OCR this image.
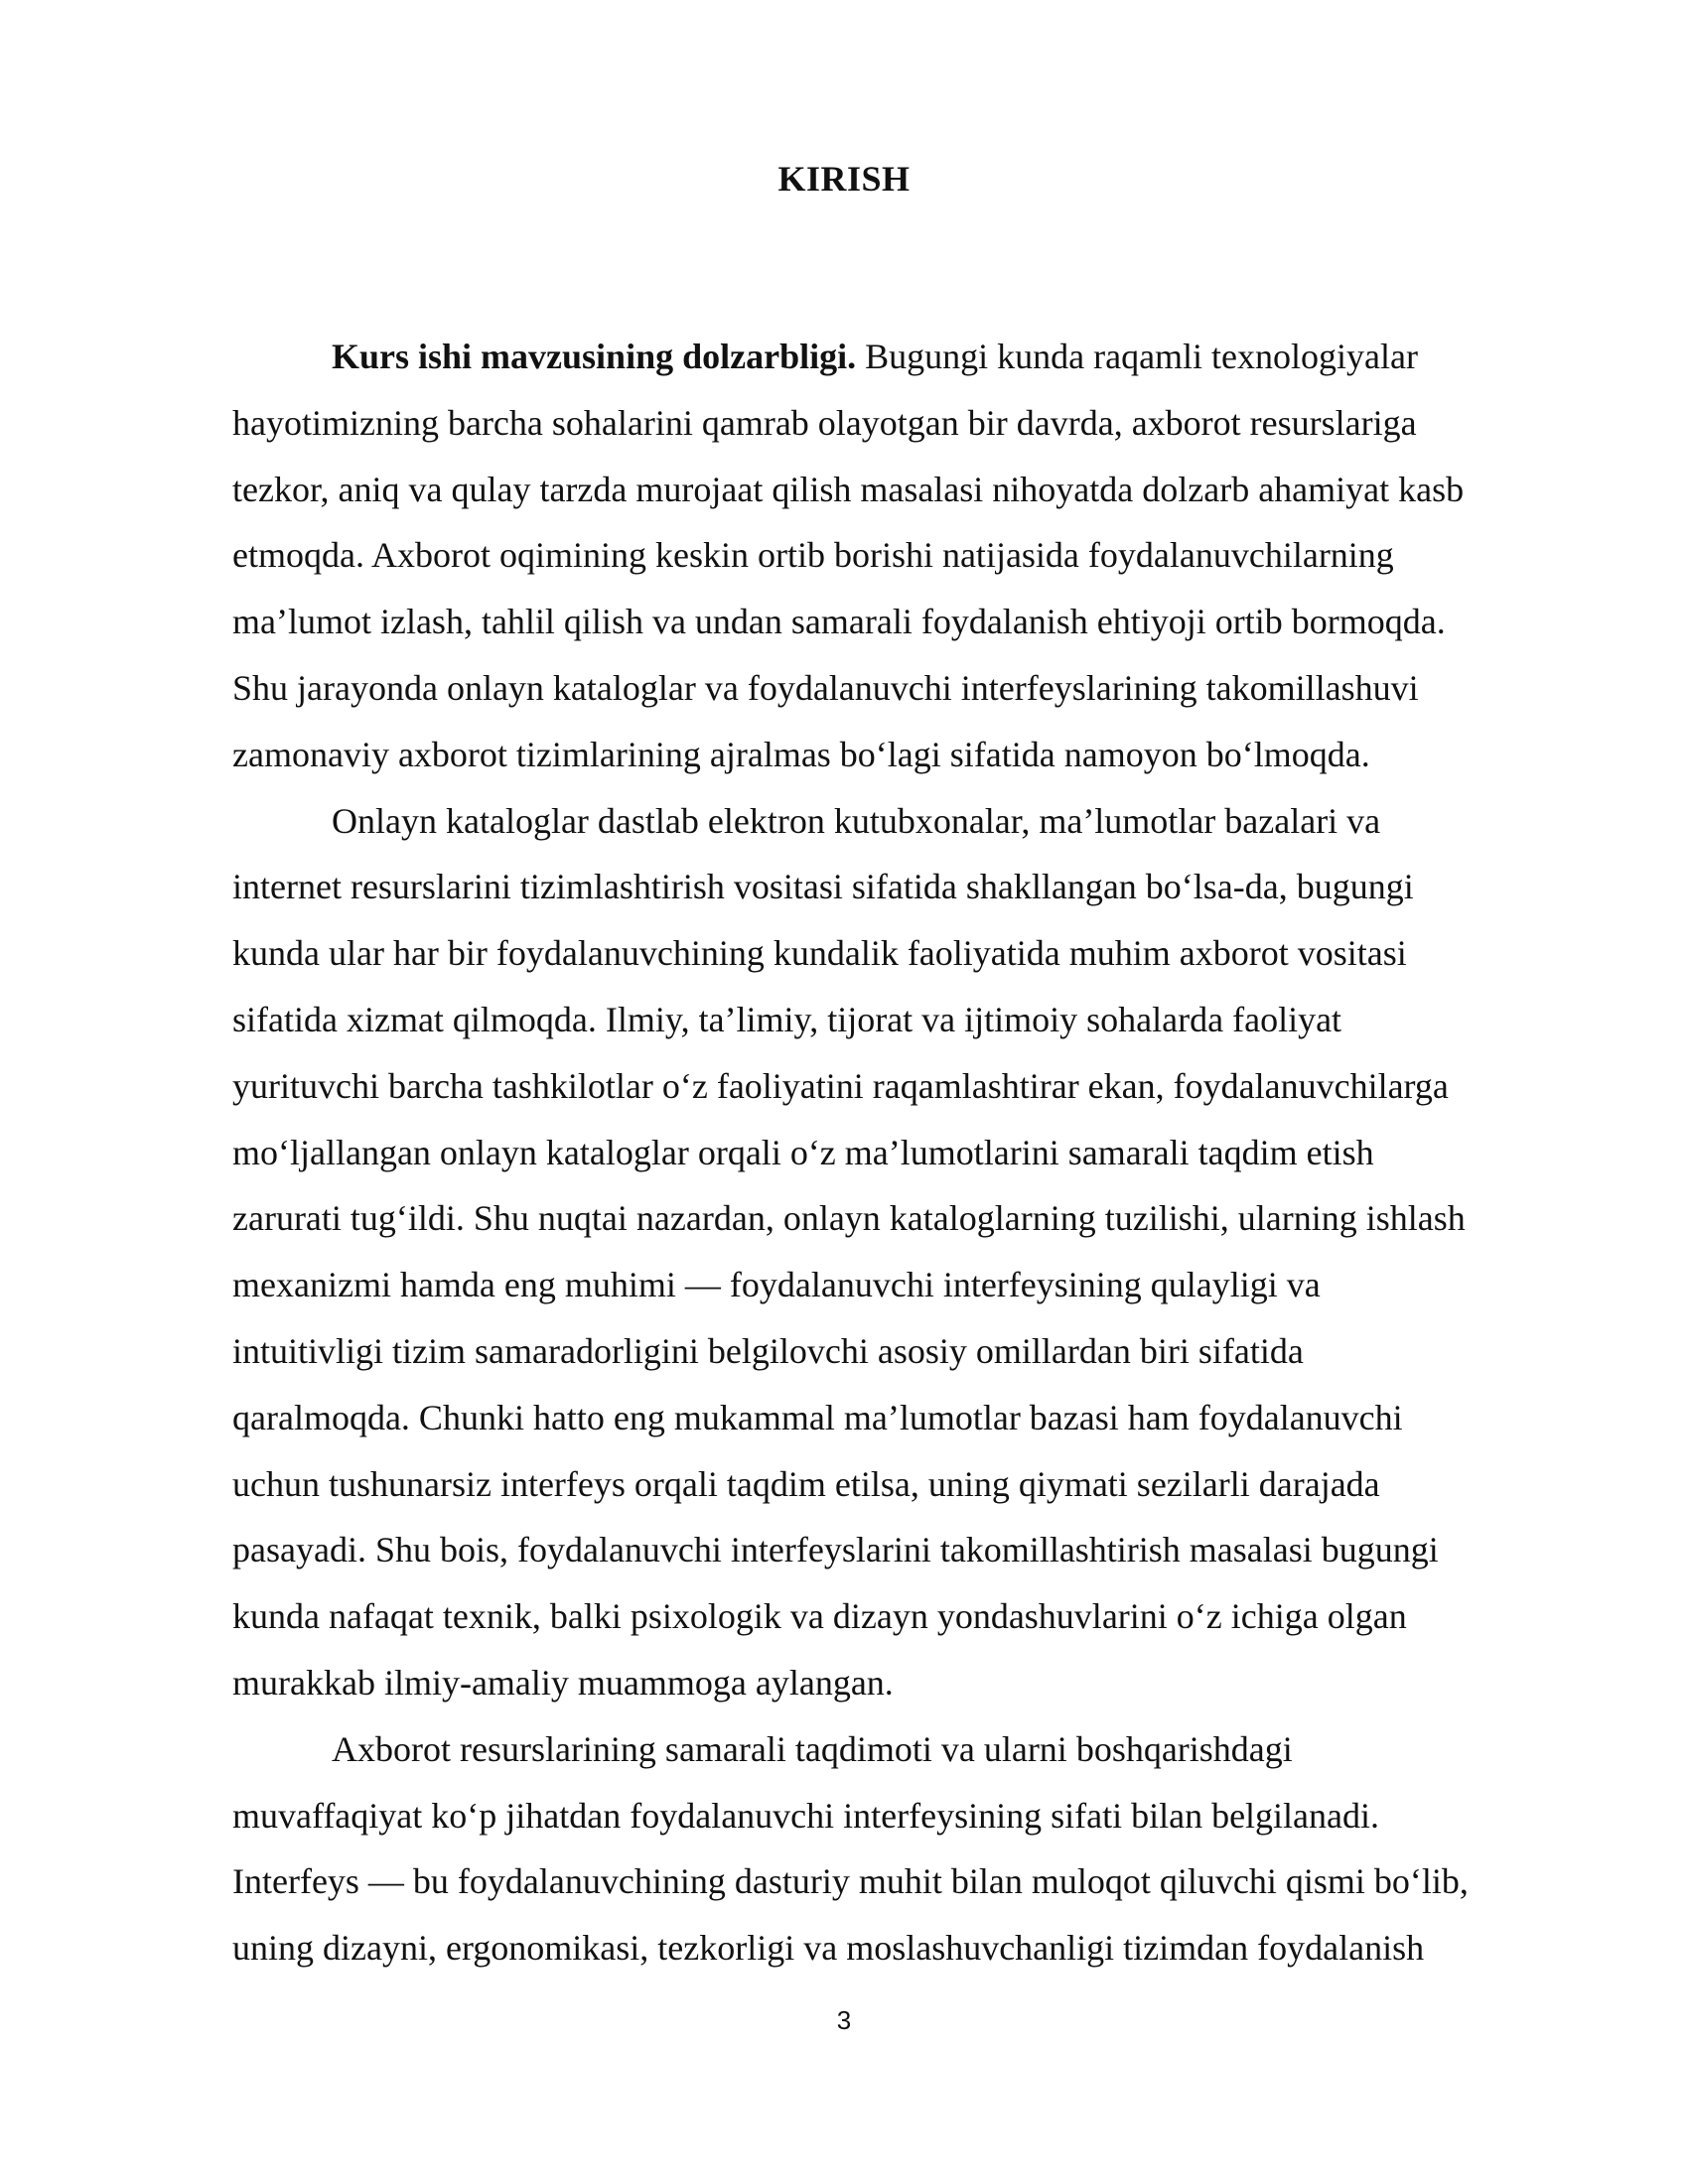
KIRISH
Kurs ishi mavzusining dolzarbligi. Bugungi kunda raqamli texnologiyalar
hayotimizning barcha sohalarini qamrab olayotgan bir davrda, axborot resurslariga
tezkor, aniq va qulay tarzda murojaat qilish masalasi nihoyatda dolzarb ahamiyat kasb
etmoqda. Axborot oqimining keskin ortib borishi natijasida foydalanuvchilarning
ma’lumot izlash, tahlil qilish va undan samarali foydalanish ehtiyoji ortib bormoqda.
Shu jarayonda onlayn kataloglar va foydalanuvchi interfeyslarining takomillashuvi
zamonaviy axborot tizimlarining ajralmas bo‘lagi sifatida namoyon bo‘lmoqda.
Onlayn kataloglar dastlab elektron kutubxonalar, ma’lumotlar bazalari va
internet resurslarini tizimlashtirish vositasi sifatida shakllangan bo‘lsa-da, bugungi
kunda ular har bir foydalanuvchining kundalik faoliyatida muhim axborot vositasi
sifatida xizmat qilmoqda. Ilmiy, ta’limiy, tijorat va ijtimoiy sohalarda faoliyat
yurituvchi barcha tashkilotlar o‘z faoliyatini raqamlashtirar ekan, foydalanuvchilarga
mo‘ljallangan onlayn kataloglar orqali o‘z ma’lumotlarini samarali taqdim etish
zarurati tug‘ildi. Shu nuqtai nazardan, onlayn kataloglarning tuzilishi, ularning ishlash
mexanizmi hamda eng muhimi — foydalanuvchi interfeysining qulayligi va
intuitivligi tizim samaradorligini belgilovchi asosiy omillardan biri sifatida
qaralmoqda. Chunki hatto eng mukammal ma’lumotlar bazasi ham foydalanuvchi
uchun tushunarsiz interfeys orqali taqdim etilsa, uning qiymati sezilarli darajada
pasayadi. Shu bois, foydalanuvchi interfeyslarini takomillashtirish masalasi bugungi
kunda nafaqat texnik, balki psixologik va dizayn yondashuvlarini o‘z ichiga olgan
murakkab ilmiy-amaliy muammoga aylangan.
Axborot resurslarining samarali taqdimoti va ularni boshqarishdagi
muvaffaqiyat ko‘p jihatdan foydalanuvchi interfeysining sifati bilan belgilanadi.
Interfeys — bu foydalanuvchining dasturiy muhit bilan muloqot qiluvchi qismi bo‘lib,
uning dizayni, ergonomikasi, tezkorligi va moslashuvchanligi tizimdan foydalanish
3
